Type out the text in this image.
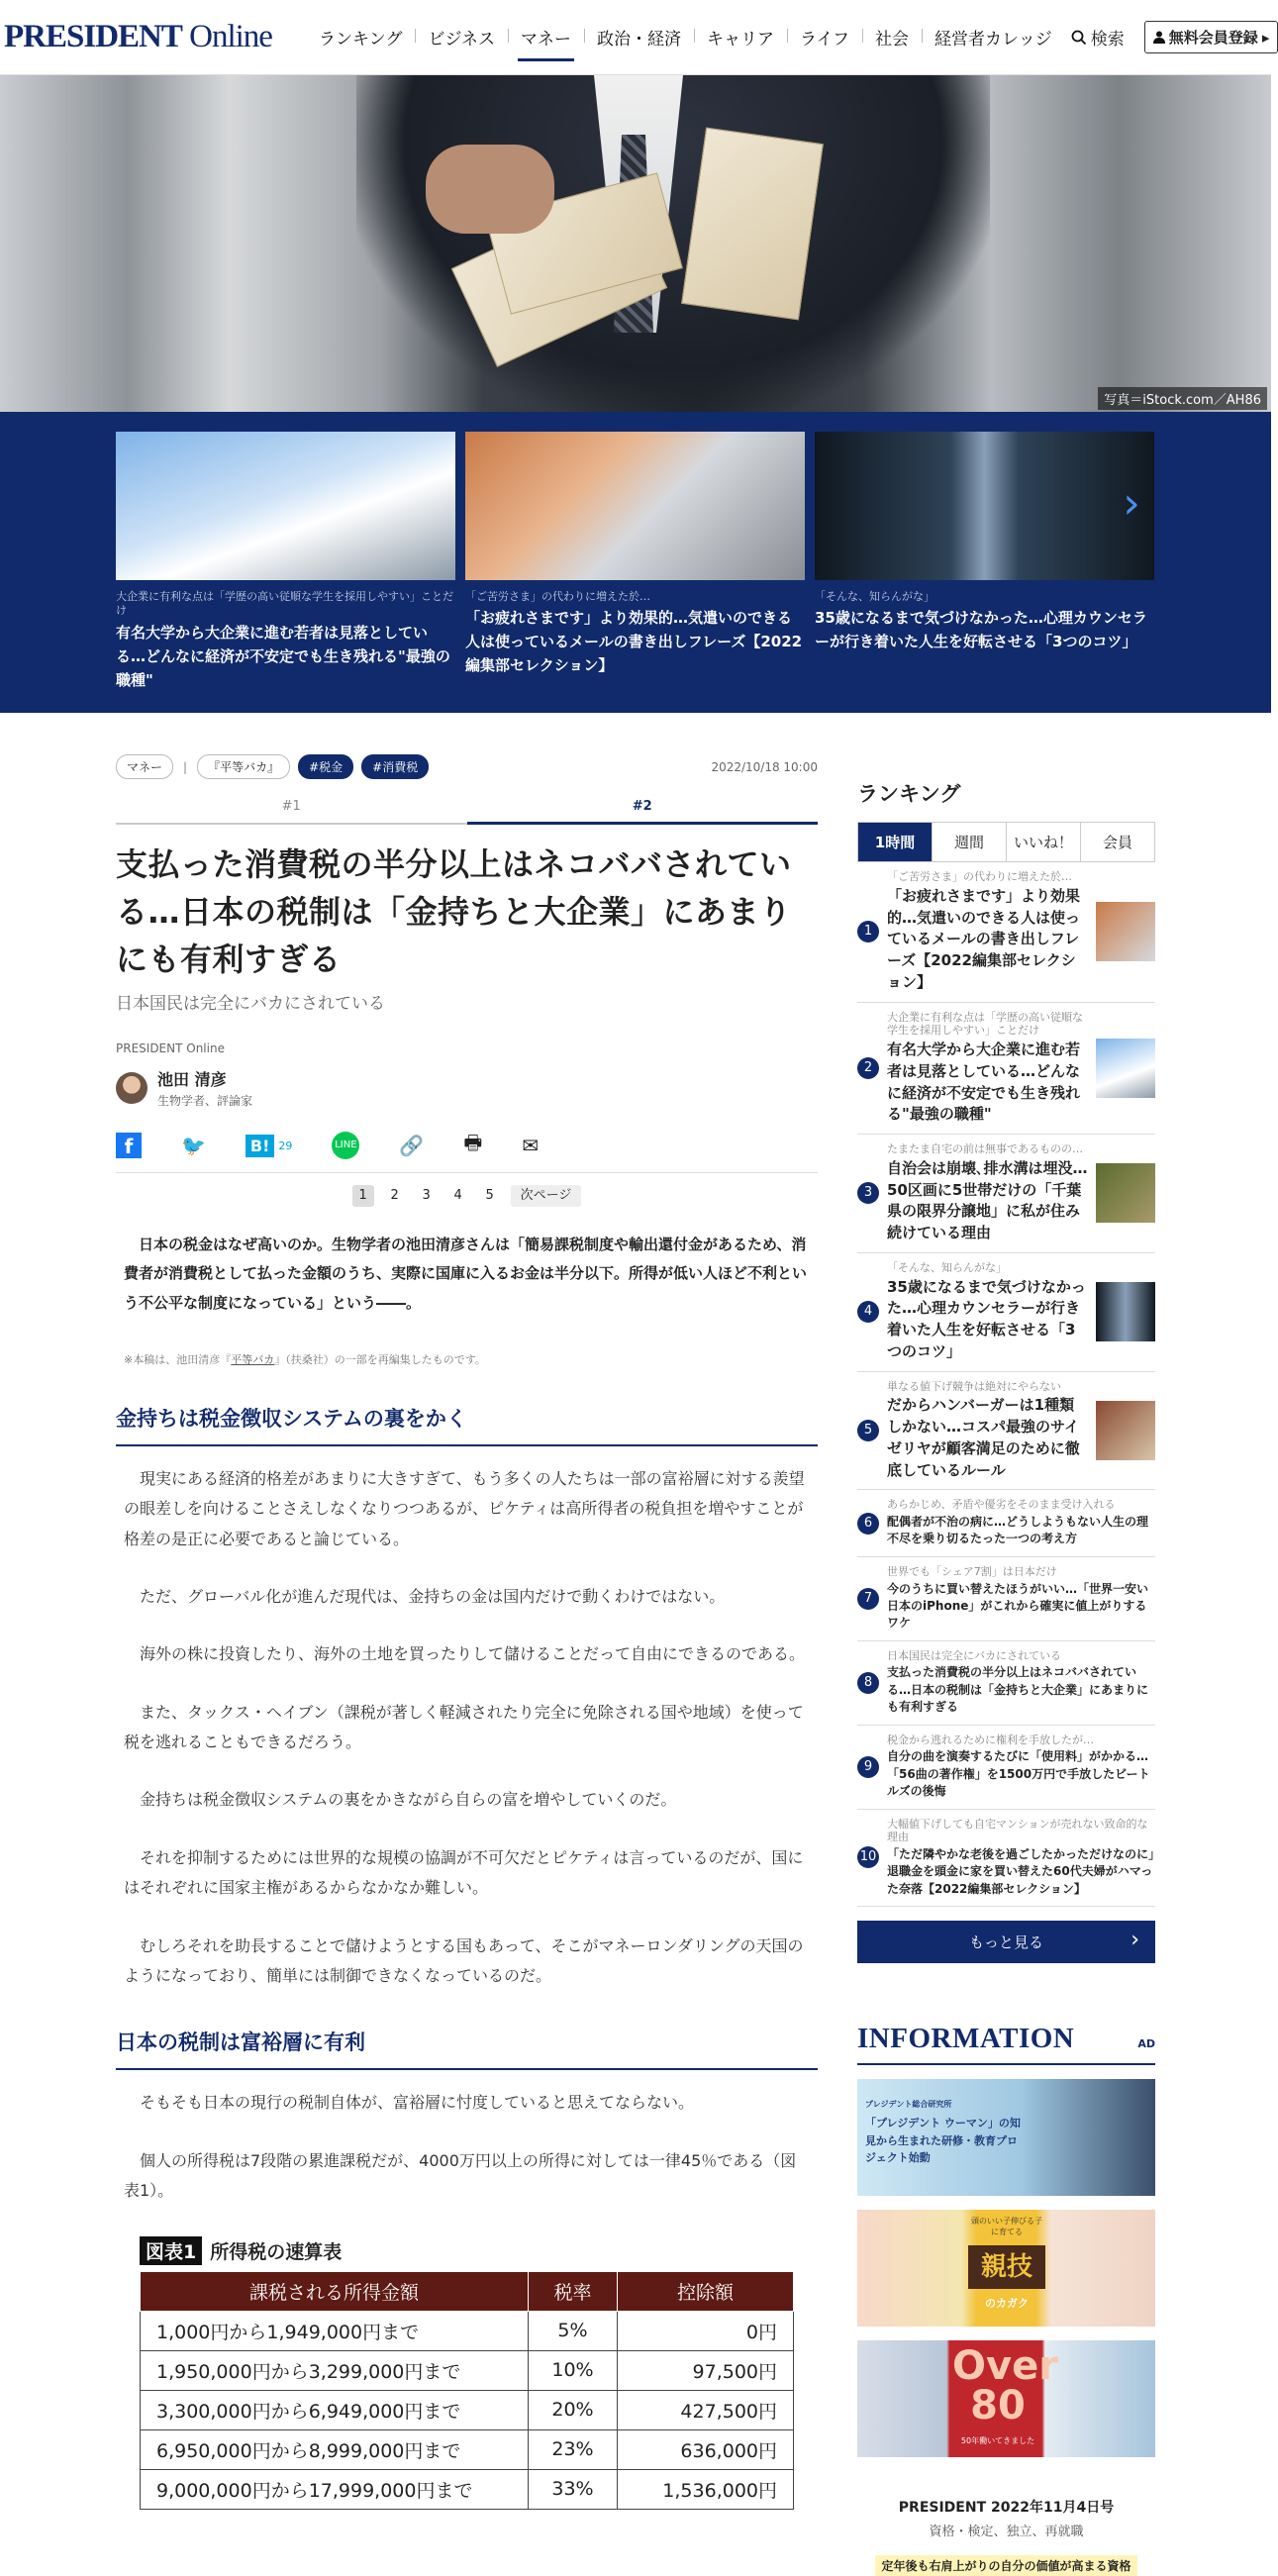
PRESIDENT Online	ランキング	ビジネス	マネー	政治・経済	キャリア	ライフ	社会	経営者カレッジ	検索	無料会員登録 ▸
写真＝iStock.com／AH86
大企業に有利な点は「学歴の高い従順な学生を採用しやすい」ことだけ
有名大学から大企業に進む若者は見落としている…どんなに経済が不安定でも生き残れる"最強の職種"
「ご苦労さま」の代わりに増えた於…
「お疲れさまです」より効果的…気遣いのできる人は使っているメールの書き出しフレーズ【2022編集部セレクション】
「そんな、知らんがな」
35歳になるまで気づけなかった…心理カウンセラーが行き着いた人生を好転させる「3つのコツ」
›
マネー	|	『平等バカ』	#税金	#消費税	2022/10/18 10:00
#1	#2
支払った消費税の半分以上はネコババされている…日本の税制は「金持ちと大企業」にあまりにも有利すぎる
日本国民は完全にバカにされている
PRESIDENT Online
池田 清彦
生物学者、評論家
f	🐦	B! 29	LINE 🔗 🖶 ✉
1	2	3	4	5	次ページ

日本の税金はなぜ高いのか。生物学者の池田清彦さんは「簡易課税制度や輸出還付金があるため、消費者が消費税として払った金額のうち、実際に国庫に入るお金は半分以下。所得が低い人ほど不利という不公平な制度になっている」という――。

※本稿は、池田清彦『平等バカ』（扶桑社）の一部を再編集したものです。

金持ちは税金徴収システムの裏をかく

現実にある経済的格差があまりに大きすぎて、もう多くの人たちは一部の富裕層に対する羨望の眼差しを向けることさえしなくなりつつあるが、ピケティは高所得者の税負担を増やすことが格差の是正に必要であると論じている。

ただ、グローバル化が進んだ現代は、金持ちの金は国内だけで動くわけではない。

海外の株に投資したり、海外の土地を買ったりして儲けることだって自由にできるのである。

また、タックス・ヘイブン（課税が著しく軽減されたり完全に免除される国や地域）を使って税を逃れることもできるだろう。

金持ちは税金徴収システムの裏をかきながら自らの富を増やしていくのだ。

それを抑制するためには世界的な規模の協調が不可欠だとピケティは言っているのだが、国にはそれぞれに国家主権があるからなかなか難しい。

むしろそれを助長することで儲けようとする国もあって、そこがマネーロンダリングの天国のようになっており、簡単には制御できなくなっているのだ。

日本の税制は富裕層に有利

そもそも日本の現行の税制自体が、富裕層に忖度していると思えてならない。

個人の所得税は7段階の累進課税だが、4000万円以上の所得に対しては一律45％である（図表1）。

図表1 所得税の速算表
課税される所得金額	税率	控除額
1,000円から1,949,000円まで	5%	0円
1,950,000円から3,299,000円まで	10%	97,500円
3,300,000円から6,949,000円まで	20%	427,500円
6,950,000円から8,999,000円まで	23%	636,000円
9,000,000円から17,999,000円まで	33%	1,536,000円
ランキング
1時間	週間	いいね！	会員
1
「ご苦労さま」の代わりに増えた於…
「お疲れさまです」より効果的…気遣いのできる人は使っているメールの書き出しフレーズ【2022編集部セレクション】
2
大企業に有利な点は「学歴の高い従順な学生を採用しやすい」ことだけ
有名大学から大企業に進む若者は見落としている…どんなに経済が不安定でも生き残れる"最強の職種"
3
たまたま自宅の前は無事であるものの…
自治会は崩壊､排水溝は埋没…50区画に5世帯だけの「千葉県の限界分譲地」に私が住み続けている理由
4
「そんな、知らんがな」
35歳になるまで気づけなかった…心理カウンセラーが行き着いた人生を好転させる「3つのコツ」
5
単なる値下げ競争は絶対にやらない
だからハンバーガーは1種類しかない…コスパ最強のサイゼリヤが顧客満足のために徹底しているルール
6
あらかじめ、矛盾や優劣をそのまま受け入れる
配偶者が不治の病に…どうしようもない人生の理不尽を乗り切るたった一つの考え方
7
世界でも「シェア7割」は日本だけ
今のうちに買い替えたほうがいい…「世界一安い日本のiPhone」がこれから確実に値上がりするワケ
8
日本国民は完全にバカにされている
支払った消費税の半分以上はネコババされている…日本の税制は「金持ちと大企業」にあまりにも有利すぎる
9
税金から逃れるために権利を手放したが…
自分の曲を演奏するたびに「使用料」がかかる…「56曲の著作権」を1500万円で手放したビートルズの後悔
10
大幅値下げしても自宅マンションが売れない致命的な理由
「ただ隣やかな老後を過ごしたかっただけなのに」退職金を頭金に家を買い替えた60代夫婦がハマった奈落【2022編集部セレクション】
もっと見る ›
INFORMATION	AD
プレジデント総合研究所
「プレジデント ウーマン」の知見から生まれた研修・教育プロジェクト始動
頭のいい子伸びる子に育てる
親技
のカガク
Over 80
50年働いてきました
PRESIDENT 2022年11月4日号
資格・検定、独立、再就職
定年後も右肩上がりの自分の価値が高まる資格
